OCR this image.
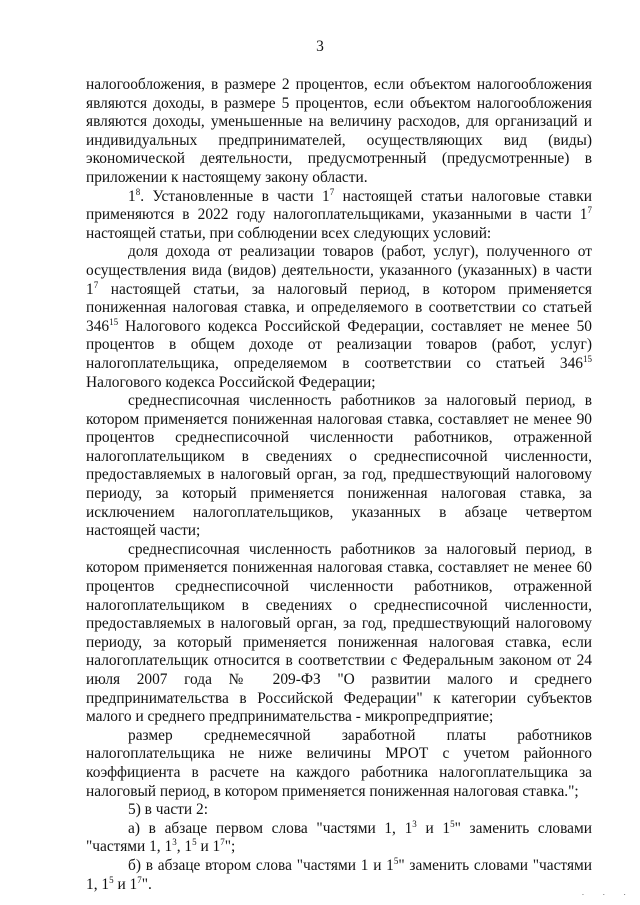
3

налогообложения, в размере 2 процентов, если объектом налогообложения являются доходы, в размере 5 процентов, если объектом налогообложения являются доходы, уменьшенные на величину расходов, для организаций и индивидуальных предпринимателей, осуществляющих вид (виды) экономической деятельности, предусмотренный (предусмотренные) в приложении к настоящему закону области.

$1^8$. Установленные в части $1^7$ настоящей статьи налоговые ставки применяются в 2022 году налогоплательщиками, указанными в части $1^7$ настоящей статьи, при соблюдении всех следующих условий:

доля дохода от реализации товаров (работ, услуг), полученного от осуществления вида (видов) деятельности, указанного (указанных) в части $1^7$ настоящей статьи, за налоговый период, в котором применяется пониженная налоговая ставка, и определяемого в соответствии со статьей $346^{15}$ Налогового кодекса Российской Федерации, составляет не менее 50 процентов в общем доходе от реализации товаров (работ, услуг) налогоплательщика, определяемом в соответствии со статьей $346^{15}$ Налогового кодекса Российской Федерации;

среднесписочная численность работников за налоговый период, в котором применяется пониженная налоговая ставка, составляет не менее 90 процентов среднесписочной численности работников, отраженной налогоплательщиком в сведениях о среднесписочной численности, предоставляемых в налоговый орган, за год, предшествующий налоговому периоду, за который применяется пониженная налоговая ставка, за исключением налогоплательщиков, указанных в абзаце четвертом настоящей части;

среднесписочная численность работников за налоговый период, в котором применяется пониженная налоговая ставка, составляет не менее 60 процентов среднесписочной численности работников, отраженной налогоплательщиком в сведениях о среднесписочной численности, предоставляемых в налоговый орган, за год, предшествующий налоговому периоду, за который применяется пониженная налоговая ставка, если налогоплательщик относится в соответствии с Федеральным законом от 24 июля 2007 года № 209-ФЗ "О развитии малого и среднего предпринимательства в Российской Федерации" к категории субъектов малого и среднего предпринимательства - микропредприятие;

размер среднемесячной заработной платы работников налогоплательщика не ниже величины МРОТ с учетом районного коэффициента в расчете на каждого работника налогоплательщика за налоговый период, в котором применяется пониженная налоговая ставка.";

5) в части 2:

а) в абзаце первом слова "частями 1, $1^3$ и $1^5$" заменить словами "частями 1, $1^3$, $1^5$ и $1^7$";

б) в абзаце втором слова "частями 1 и $1^5$" заменить словами "частями 1, $1^5$ и $1^7$".

· · ·
